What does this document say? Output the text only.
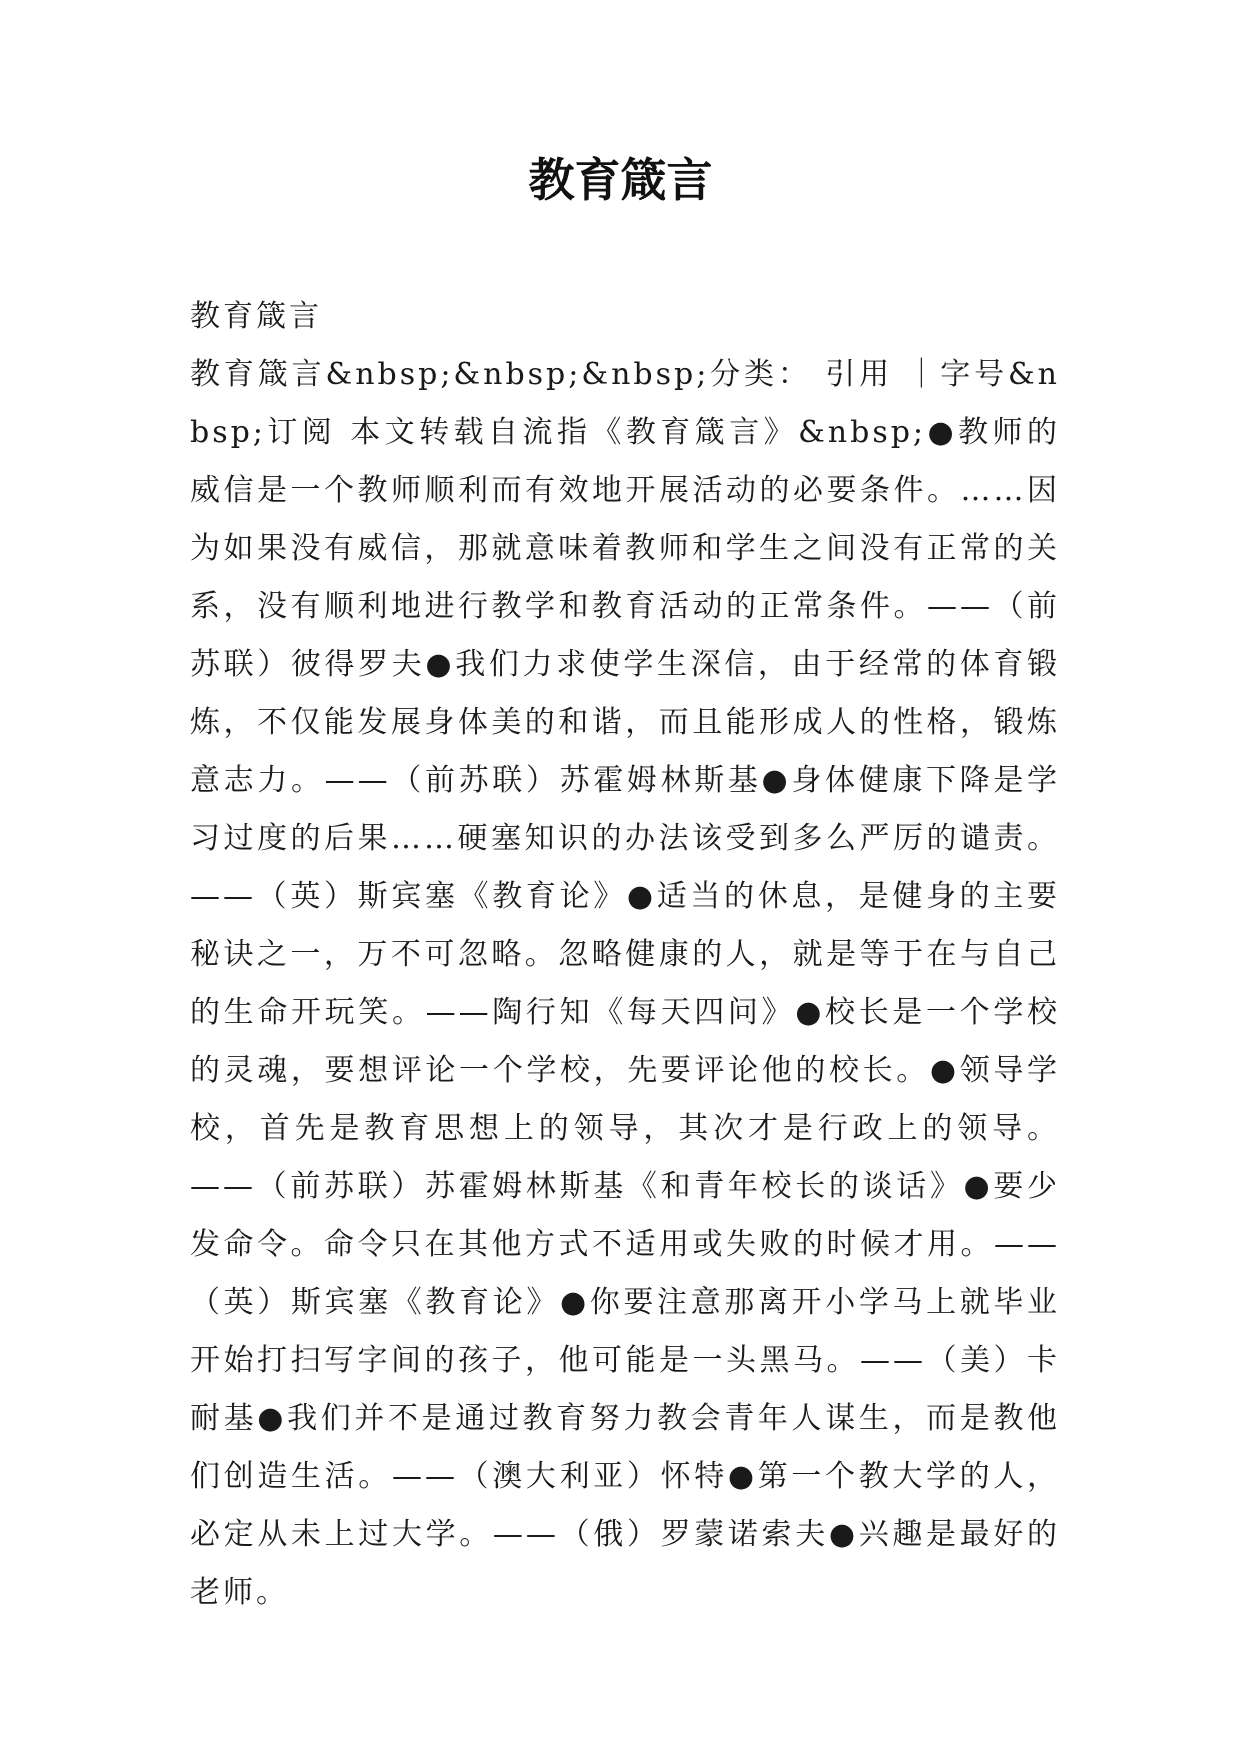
教育箴言
教育箴言
教育箴言&nbsp;&nbsp;&nbsp;分类： 引用 ｜字号&nbsp;订阅 本文转载自流指《教育箴言》&nbsp;●教师的威信是一个教师顺利而有效地开展活动的必要条件。……因为如果没有威信，那就意味着教师和学生之间没有正常的关系，没有顺利地进行教学和教育活动的正常条件。——（前苏联）彼得罗夫●我们力求使学生深信，由于经常的体育锻炼，不仅能发展身体美的和谐，而且能形成人的性格，锻炼意志力。——（前苏联）苏霍姆林斯基●身体健康下降是学习过度的后果……硬塞知识的办法该受到多么严厉的谴责。——（英）斯宾塞《教育论》●适当的休息，是健身的主要秘诀之一，万不可忽略。忽略健康的人，就是等于在与自己的生命开玩笑。——陶行知《每天四问》●校长是一个学校的灵魂，要想评论一个学校，先要评论他的校长。●领导学校，首先是教育思想上的领导，其次才是行政上的领导。——（前苏联）苏霍姆林斯基《和青年校长的谈话》●要少发命令。命令只在其他方式不适用或失败的时候才用。——（英）斯宾塞《教育论》●你要注意那离开小学马上就毕业开始打扫写字间的孩子，他可能是一头黑马。——（美）卡耐基●我们并不是通过教育努力教会青年人谋生，而是教他们创造生活。——（澳大利亚）怀特●第一个教大学的人，必定从未上过大学。——（俄）罗蒙诺索夫●兴趣是最好的老师。
